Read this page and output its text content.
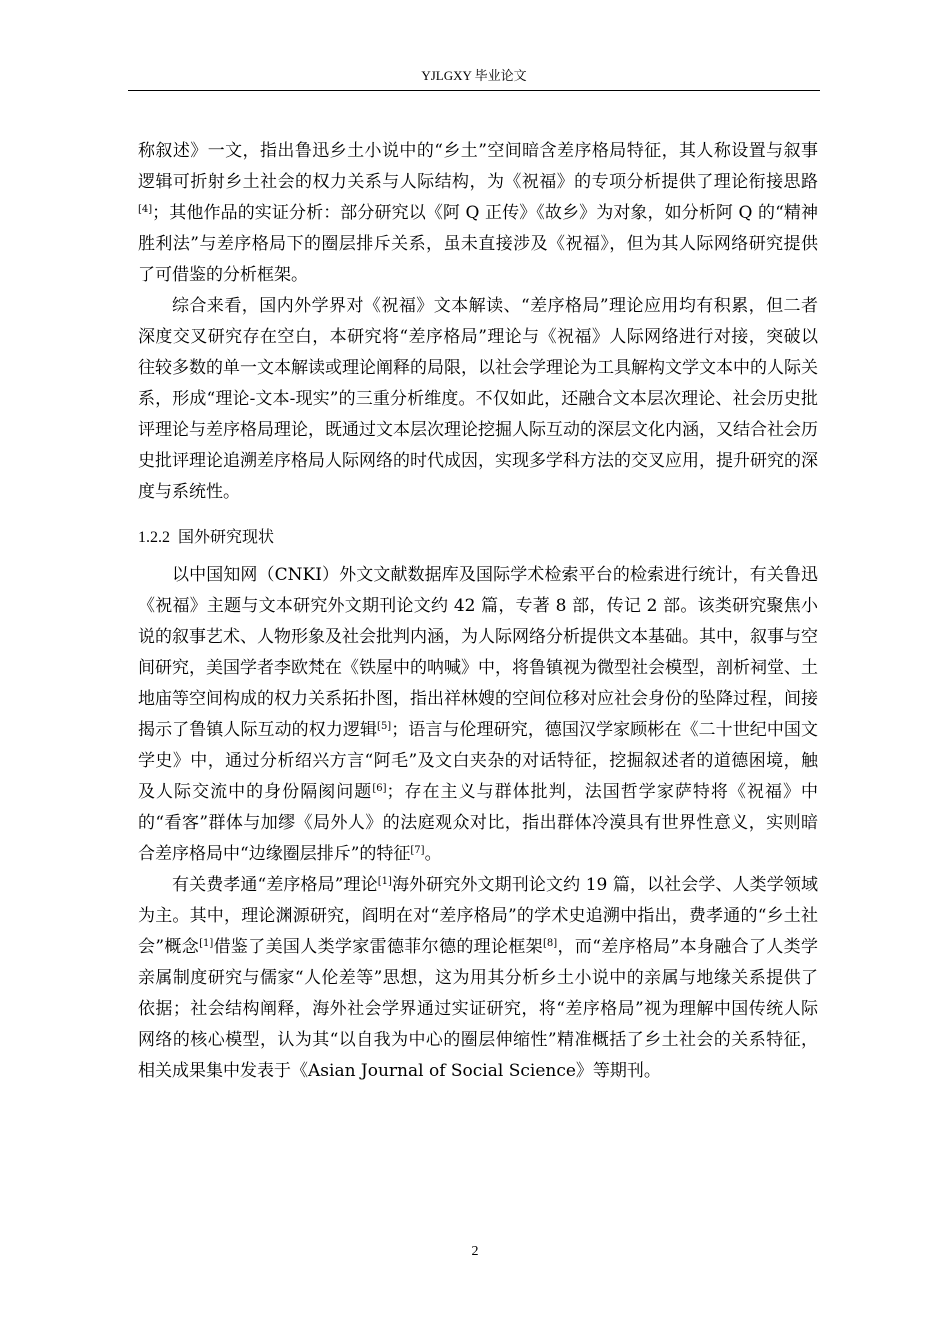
YJLGXY 毕业论文

称叙述》一文，指出鲁迅乡土小说中的“乡土”空间暗含差序格局特征，其人称设置与叙事逻辑可折射乡土社会的权力关系与人际结构，为《祝福》的专项分析提供了理论衔接思路[4]；其他作品的实证分析：部分研究以《阿 Q 正传》《故乡》为对象，如分析阿 Q 的“精神胜利法”与差序格局下的圈层排斥关系，虽未直接涉及《祝福》，但为其人际网络研究提供了可借鉴的分析框架。

综合来看，国内外学界对《祝福》文本解读、“差序格局”理论应用均有积累，但二者深度交叉研究存在空白，本研究将“差序格局”理论与《祝福》人际网络进行对接，突破以往较多数的单一文本解读或理论阐释的局限，以社会学理论为工具解构文学文本中的人际关系，形成“理论-文本-现实”的三重分析维度。不仅如此，还融合文本层次理论、社会历史批评理论与差序格局理论，既通过文本层次理论挖掘人际互动的深层文化内涵，又结合社会历史批评理论追溯差序格局人际网络的时代成因，实现多学科方法的交叉应用，提升研究的深度与系统性。

1.2.2 国外研究现状

以中国知网（CNKI）外文文献数据库及国际学术检索平台的检索进行统计，有关鲁迅《祝福》主题与文本研究外文期刊论文约 42 篇，专著 8 部，传记 2 部。该类研究聚焦小说的叙事艺术、人物形象及社会批判内涵，为人际网络分析提供文本基础。其中，叙事与空间研究，美国学者李欧梵在《铁屋中的呐喊》中，将鲁镇视为微型社会模型，剖析祠堂、土地庙等空间构成的权力关系拓扑图，指出祥林嫂的空间位移对应社会身份的坠降过程，间接揭示了鲁镇人际互动的权力逻辑[5]；语言与伦理研究，德国汉学家顾彬在《二十世纪中国文学史》中，通过分析绍兴方言“阿毛”及文白夹杂的对话特征，挖掘叙述者的道德困境，触及人际交流中的身份隔阂问题[6]；存在主义与群体批判，法国哲学家萨特将《祝福》中的“看客”群体与加缪《局外人》的法庭观众对比，指出群体冷漠具有世界性意义，实则暗合差序格局中“边缘圈层排斥”的特征[7]。

有关费孝通“差序格局”理论[1]海外研究外文期刊论文约 19 篇，以社会学、人类学领域为主。其中，理论渊源研究，阎明在对“差序格局”的学术史追溯中指出，费孝通的“乡土社会”概念[1]借鉴了美国人类学家雷德菲尔德的理论框架[8]，而“差序格局”本身融合了人类学亲属制度研究与儒家“人伦差等”思想，这为用其分析乡土小说中的亲属与地缘关系提供了依据；社会结构阐释，海外社会学界通过实证研究，将“差序格局”视为理解中国传统人际网络的核心模型，认为其“以自我为中心的圈层伸缩性”精准概括了乡土社会的关系特征，相关成果集中发表于《Asian Journal of Social Science》等期刊。

2
